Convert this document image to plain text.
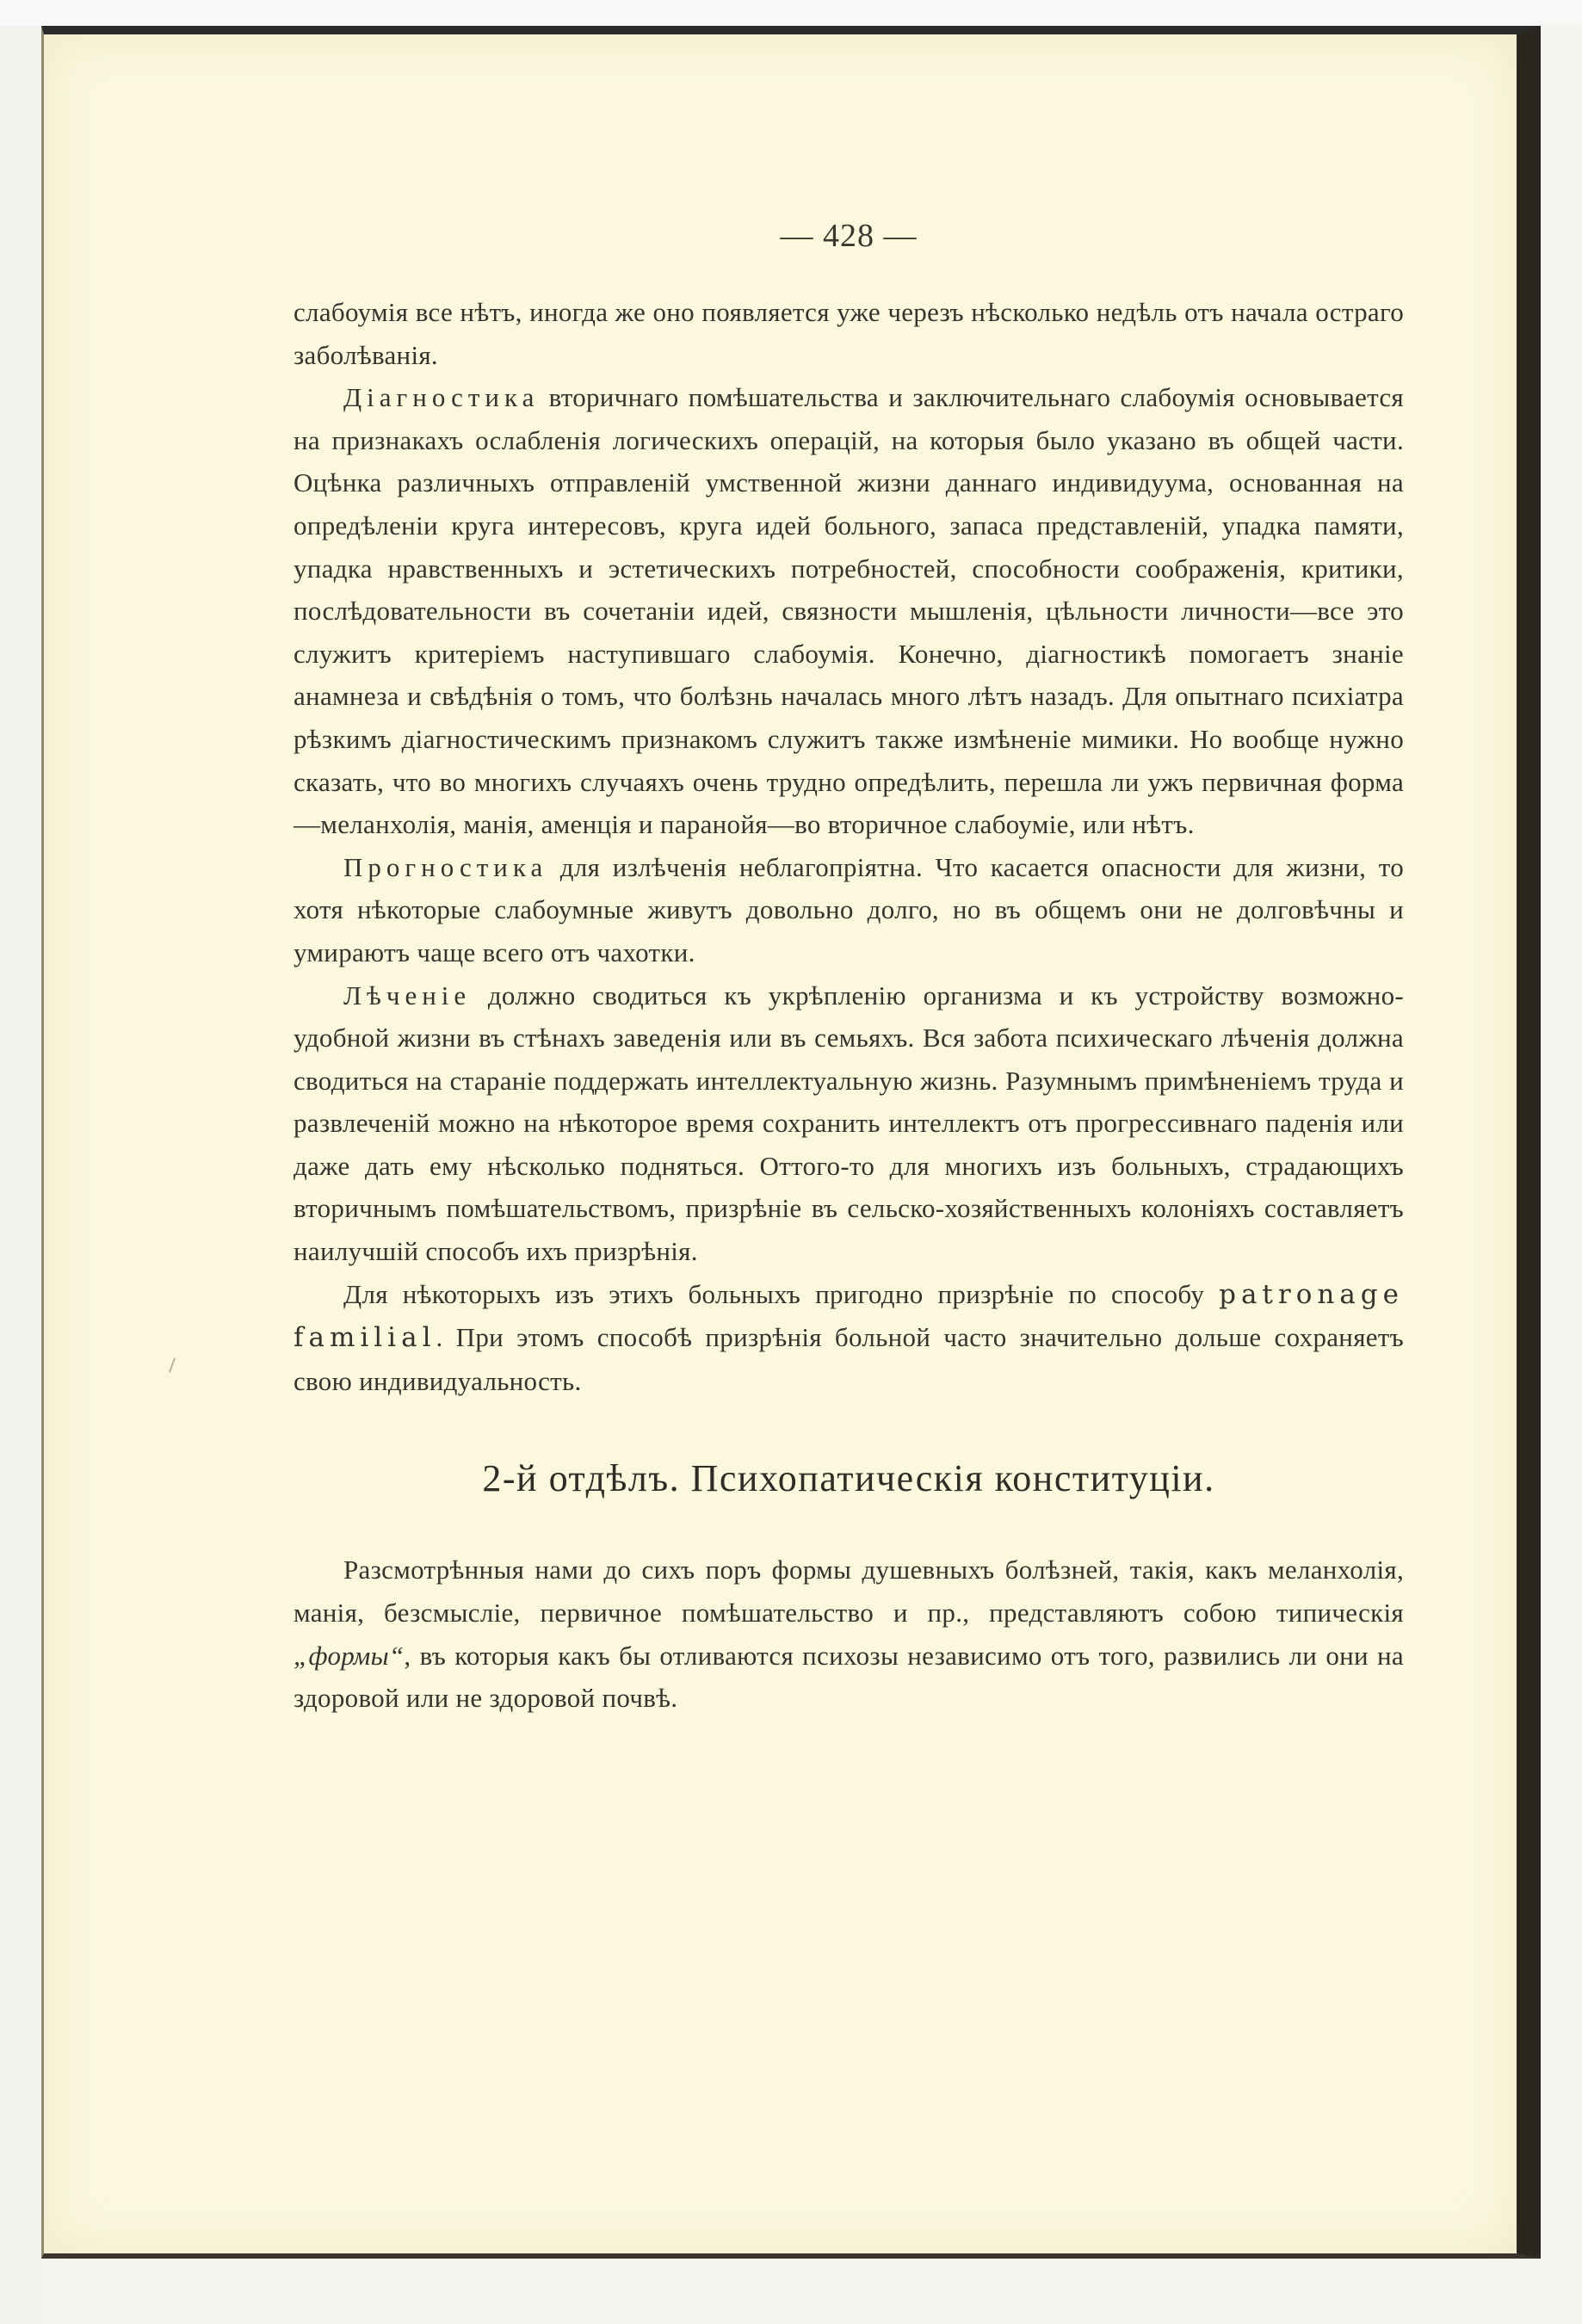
— 428 —

слабоумія все нѣтъ, иногда же оно появляется уже черезъ нѣсколько недѣль отъ начала остраго заболѣванія.

Діагностика вторичнаго помѣшательства и заключительнаго слабоумія основывается на признакахъ ослабленія логическихъ операцій, на которыя было указано въ общей части. Оцѣнка различныхъ отправленій умственной жизни даннаго индивидуума, основанная на опредѣленіи круга интересовъ, круга идей больного, запаса представленій, упадка памяти, упадка нравственныхъ и эстетическихъ потребностей, способности соображенія, критики, послѣдовательности въ сочетаніи идей, связности мышленія, цѣльности личности—все это служитъ критеріемъ наступившаго слабоумія. Конечно, діагностикѣ помогаетъ знаніе анамнеза и свѣдѣнія о томъ, что болѣзнь началась много лѣтъ назадъ. Для опытнаго психіатра рѣзкимъ діагностическимъ признакомъ служитъ также измѣненіе мимики. Но вообще нужно сказать, что во многихъ случаяхъ очень трудно опредѣлить, перешла ли ужъ первичная форма—меланхолія, манія, аменція и паранойя—во вторичное слабоуміе, или нѣтъ.

Прогностика для излѣченія неблагопріятна. Что касается опасности для жизни, то хотя нѣкоторые слабоумные живутъ довольно долго, но въ общемъ они не долговѣчны и умираютъ чаще всего отъ чахотки.

Лѣченіе должно сводиться къ укрѣпленію организма и къ устройству возможно-удобной жизни въ стѣнахъ заведенія или въ семьяхъ. Вся забота психическаго лѣченія должна сводиться на стараніе поддержать интеллектуальную жизнь. Разумнымъ примѣненіемъ труда и развлеченій можно на нѣкоторое время сохранить интеллектъ отъ прогрессивнаго паденія или даже дать ему нѣсколько подняться. Оттого-то для многихъ изъ больныхъ, страдающихъ вторичнымъ помѣшательствомъ, призрѣніе въ сельско-хозяйственныхъ колоніяхъ составляетъ наилучшій способъ ихъ призрѣнія.

Для нѣкоторыхъ изъ этихъ больныхъ пригодно призрѣніе по способу patronage familial. При этомъ способѣ призрѣнія больной часто значительно дольше сохраняетъ свою индивидуальность.

2-й отдѣлъ. Психопатическія конституціи.

Разсмотрѣнныя нами до сихъ поръ формы душевныхъ болѣзней, такія, какъ меланхолія, манія, безсмысліе, первичное помѣшательство и пр., представляютъ собою типическія „формы“, въ которыя какъ бы отливаются психозы независимо отъ того, развились ли они на здоровой или не здоровой почвѣ.
